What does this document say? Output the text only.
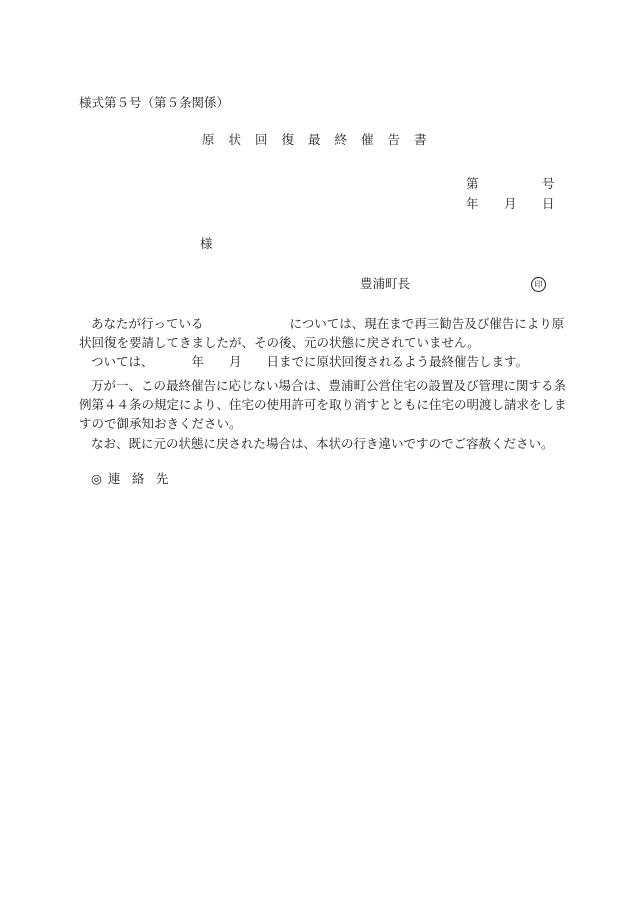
様式第５号（第５条関係）
原 状 回 復 最 終 催 告 書
第	号
年 月 日
様
豊浦町長	印
あなたが行っている	については、現在まで再三勧告及び催告により原
状回復を要請してきましたが、その後、元の状態に戻されていません。
ついては、	年 月 日までに原状回復されるよう最終催告します。
万が一、この最終催告に応じない場合は、豊浦町公営住宅の設置及び管理に関する条
例第４４条の規定により、住宅の使用許可を取り消すとともに住宅の明渡し請求をしま
すので御承知おきください。
なお、既に元の状態に戻された場合は、本状の行き違いですのでご容赦ください。
◎ 連 絡 先
